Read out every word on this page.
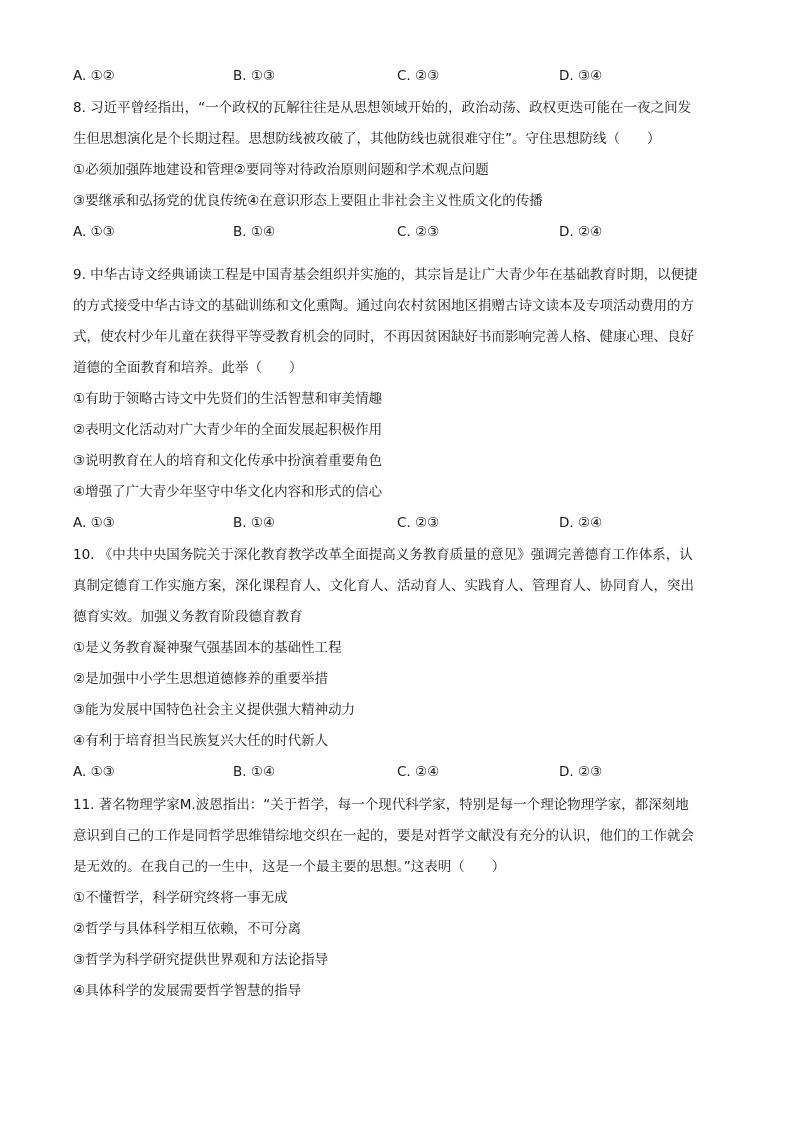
A. ①②	B. ①③	C. ②③	D. ③④
8. 习近平曾经指出，“一个政权的瓦解往往是从思想领域开始的，政治动荡、政权更迭可能在一夜之间发
生但思想演化是个长期过程。思想防线被攻破了，其他防线也就很难守住”。守住思想防线（　　）
①必须加强阵地建设和管理②要同等对待政治原则问题和学术观点问题
③要继承和弘扬党的优良传统④在意识形态上要阻止非社会主义性质文化的传播
A. ①③	B. ①④	C. ②③	D. ②④
9. 中华古诗文经典诵读工程是中国青基会组织并实施的，其宗旨是让广大青少年在基础教育时期，以便捷
的方式接受中华古诗文的基础训练和文化熏陶。通过向农村贫困地区捐赠古诗文读本及专项活动费用的方
式，使农村少年儿童在获得平等受教育机会的同时，不再因贫困缺好书而影响完善人格、健康心理、良好
道德的全面教育和培养。此举（　　）
①有助于领略古诗文中先贤们的生活智慧和审美情趣
②表明文化活动对广大青少年的全面发展起积极作用
③说明教育在人的培育和文化传承中扮演着重要角色
④增强了广大青少年坚守中华文化内容和形式的信心
A. ①③	B. ①④	C. ②③	D. ②④
10. 《中共中央国务院关于深化教育教学改革全面提高义务教育质量的意见》强调完善德育工作体系，认
真制定德育工作实施方案，深化课程育人、文化育人、活动育人、实践育人、管理育人、协同育人，突出
德育实效。加强义务教育阶段德育教育
①是义务教育凝神聚气强基固本的基础性工程
②是加强中小学生思想道德修养的重要举措
③能为发展中国特色社会主义提供强大精神动力
④有利于培育担当民族复兴大任的时代新人
A. ①③	B. ①④	C. ②④	D. ②③
11. 著名物理学家M.波恩指出：“关于哲学，每一个现代科学家，特别是每一个理论物理学家，都深刻地
意识到自己的工作是同哲学思维错综地交织在一起的，要是对哲学文献没有充分的认识，他们的工作就会
是无效的。在我自己的一生中，这是一个最主要的思想。”这表明（　　）
①不懂哲学，科学研究终将一事无成
②哲学与具体科学相互依赖，不可分离
③哲学为科学研究提供世界观和方法论指导
④具体科学的发展需要哲学智慧的指导
